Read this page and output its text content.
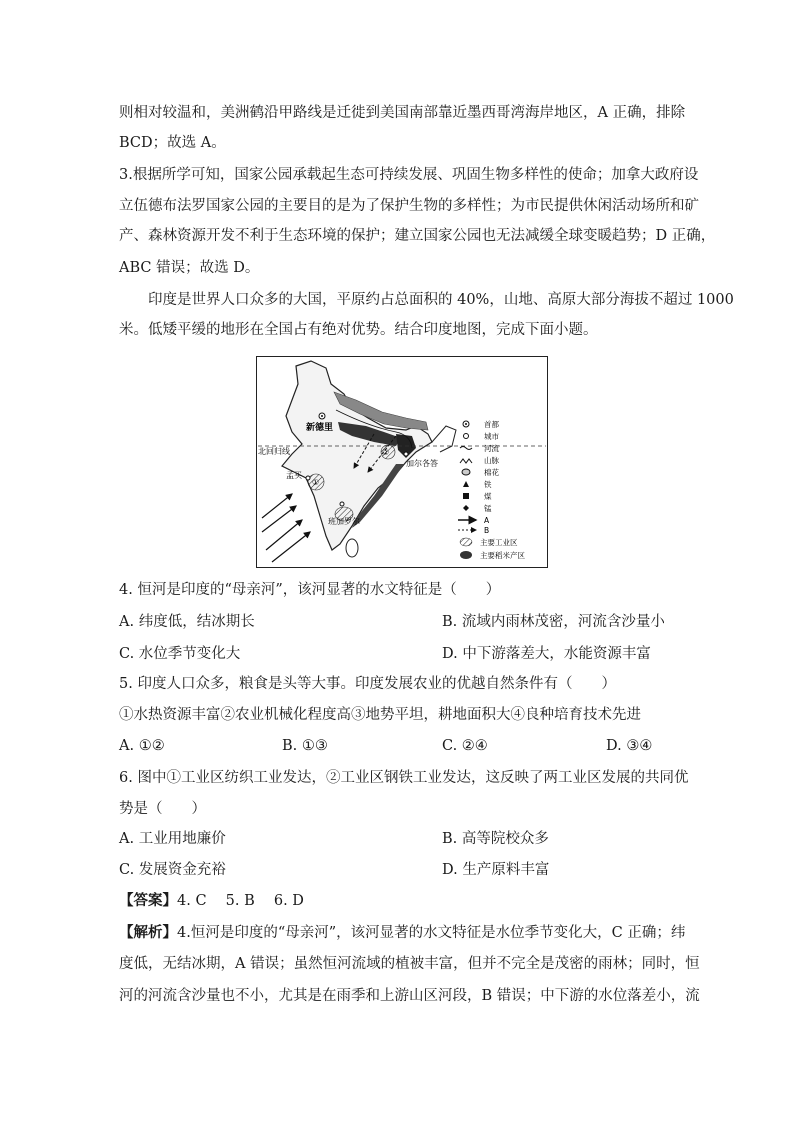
则相对较温和，美洲鹤沿甲路线是迁徙到美国南部靠近墨西哥湾海岸地区，A 正确，排除
BCD；故选 A。
3.根据所学可知，国家公园承载起生态可持续发展、巩固生物多样性的使命；加拿大政府设
立伍德布法罗国家公园的主要目的是为了保护生物的多样性；为市民提供休闲活动场所和矿
产、森林资源开发不利于生态环境的保护；建立国家公园也无法减缓全球变暖趋势；D 正确，
ABC 错误；故选 D。
印度是世界人口众多的大国，平原约占总面积的 40%，山地、高原大部分海拔不超过 1000
米。低矮平缓的地形在全国占有绝对优势。结合印度地图，完成下面小题。
新德里
北回归线
孟买
加尔各答
班加罗尔
①
②
首都
城市
河流
山脉
棉花
铁
煤
锰
A
B
主要工业区
主要稻米产区
4. 恒河是印度的“母亲河”，该河显著的水文特征是（　　）
A. 纬度低，结冰期长	B. 流域内雨林茂密，河流含沙量小
C. 水位季节变化大	D. 中下游落差大，水能资源丰富
5. 印度人口众多，粮食是头等大事。印度发展农业的优越自然条件有（　　）
①水热资源丰富②农业机械化程度高③地势平坦，耕地面积大④良种培育技术先进
A. ①②	B. ①③	C. ②④	D. ③④
6. 图中①工业区纺织工业发达，②工业区钢铁工业发达，这反映了两工业区发展的共同优
势是（　　）
A. 工业用地廉价	B. 高等院校众多
C. 发展资金充裕	D. 生产原料丰富
【答案】4. C　 5. B　 6. D
【解析】4.恒河是印度的“母亲河”，该河显著的水文特征是水位季节变化大，C 正确；纬
度低，无结冰期，A 错误；虽然恒河流域的植被丰富，但并不完全是茂密的雨林；同时，恒
河的河流含沙量也不小，尤其是在雨季和上游山区河段，B 错误；中下游的水位落差小，流
